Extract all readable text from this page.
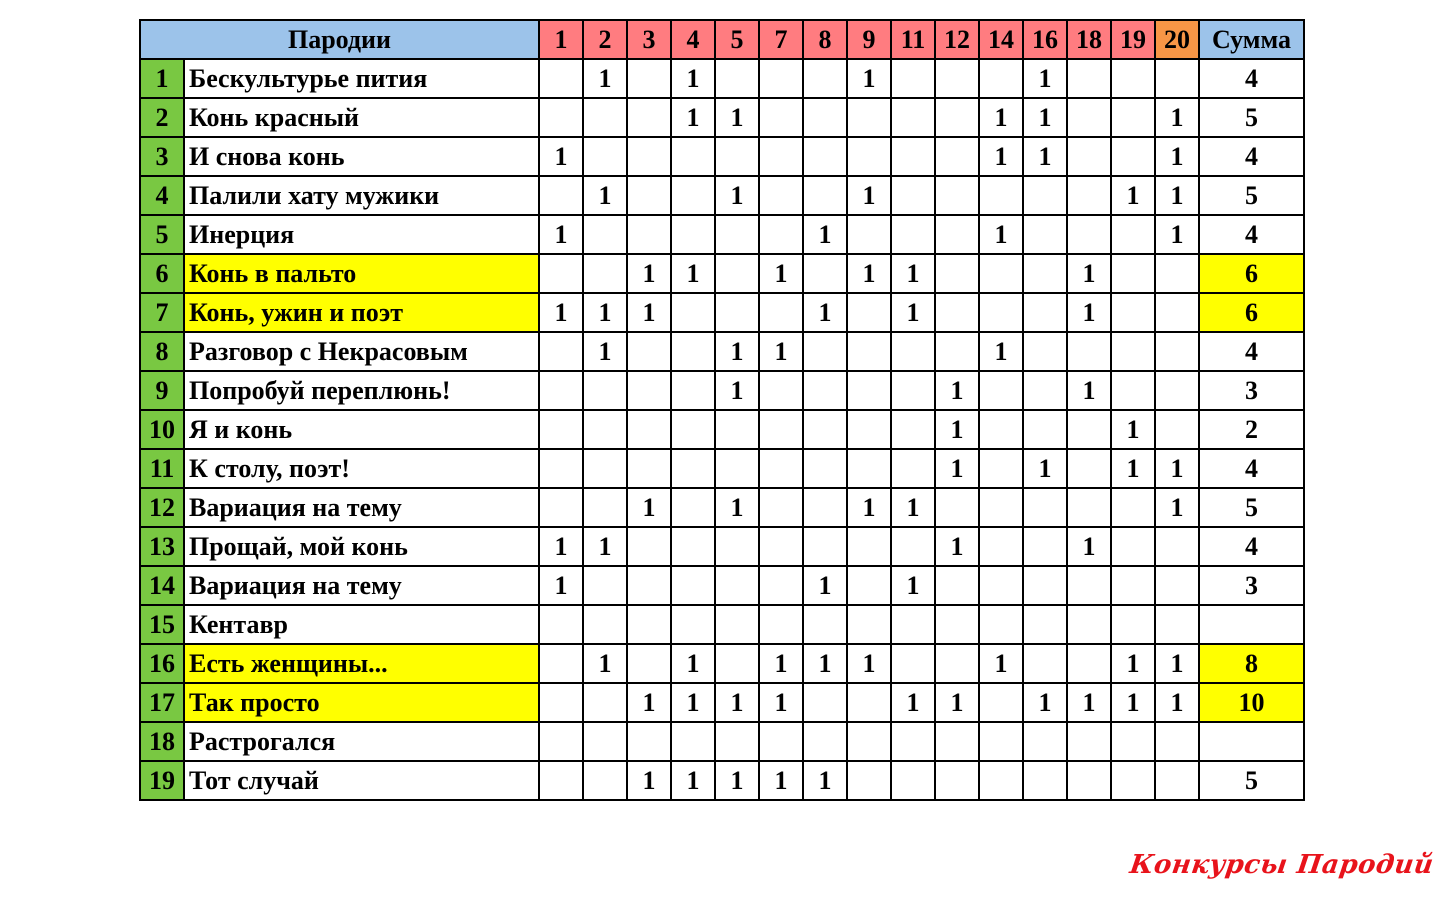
Пародии		1	2	3	4	5	7	8	9	11	12	14	16	18	19	20	Сумма
1	Бескультурье пития		1		1				1				1				4
2	Конь красный				1	1						1	1			1	5
3	И снова конь	1										1	1			1	4
4	Палили хату мужики		1			1			1						1	1	5
5	Инерция	1						1				1				1	4
6	Конь в пальто			1	1		1		1	1				1			6
7	Конь, ужин и поэт	1	1	1				1		1				1			6
8	Разговор с Некрасовым		1			1	1					1					4
9	Попробуй переплюнь!					1					1			1			3
10	Я и конь										1				1		2
11	К столу, поэт!										1		1		1	1	4
12	Вариация на тему			1		1			1	1						1	5
13	Прощай, мой конь	1	1								1			1			4
14	Вариация на тему	1						1		1							3
15	Кентавр																
16	Есть женщины...		1		1		1	1	1			1			1	1	8
17	Так просто			1	1	1	1			1	1		1	1	1	1	10
18	Растрогался																
19	Тот случай			1	1	1	1	1									5
Конкурсы Пародий
